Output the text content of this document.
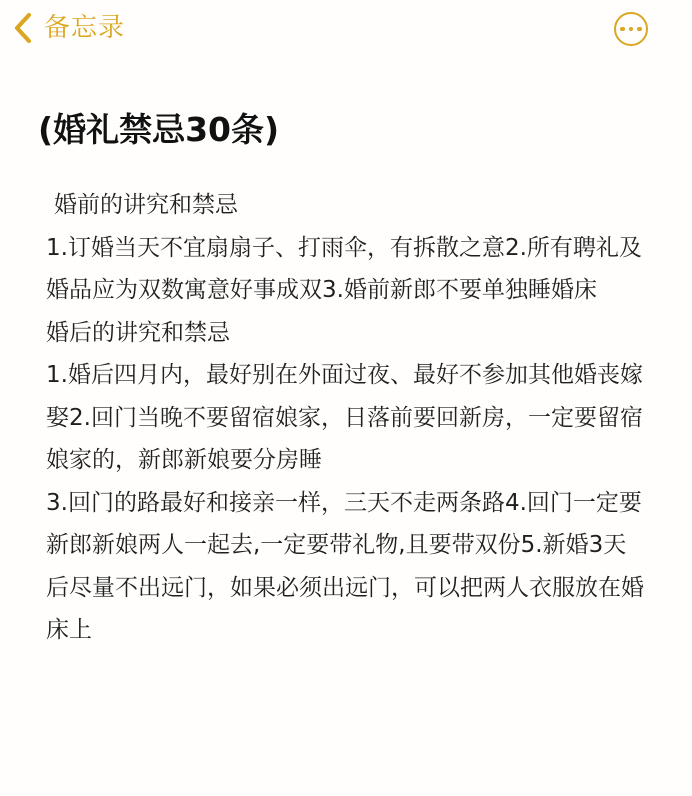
备忘录
(婚礼禁忌30条)

婚前的讲究和禁忌

1.订婚当天不宜扇扇子、打雨伞，有拆散之意2.所有聘礼及婚品应为双数寓意好事成双3.婚前新郎不要单独睡婚床

婚后的讲究和禁忌

1.婚后四月内，最好别在外面过夜、最好不参加其他婚丧嫁娶2.回门当晚不要留宿娘家，日落前要回新房，一定要留宿娘家的，新郎新娘要分房睡

3.回门的路最好和接亲一样，三天不走两条路4.回门一定要新郎新娘两人一起去,一定要带礼物,且要带双份5.新婚3天后尽量不出远门，如果必须出远门，可以把两人衣服放在婚床上
